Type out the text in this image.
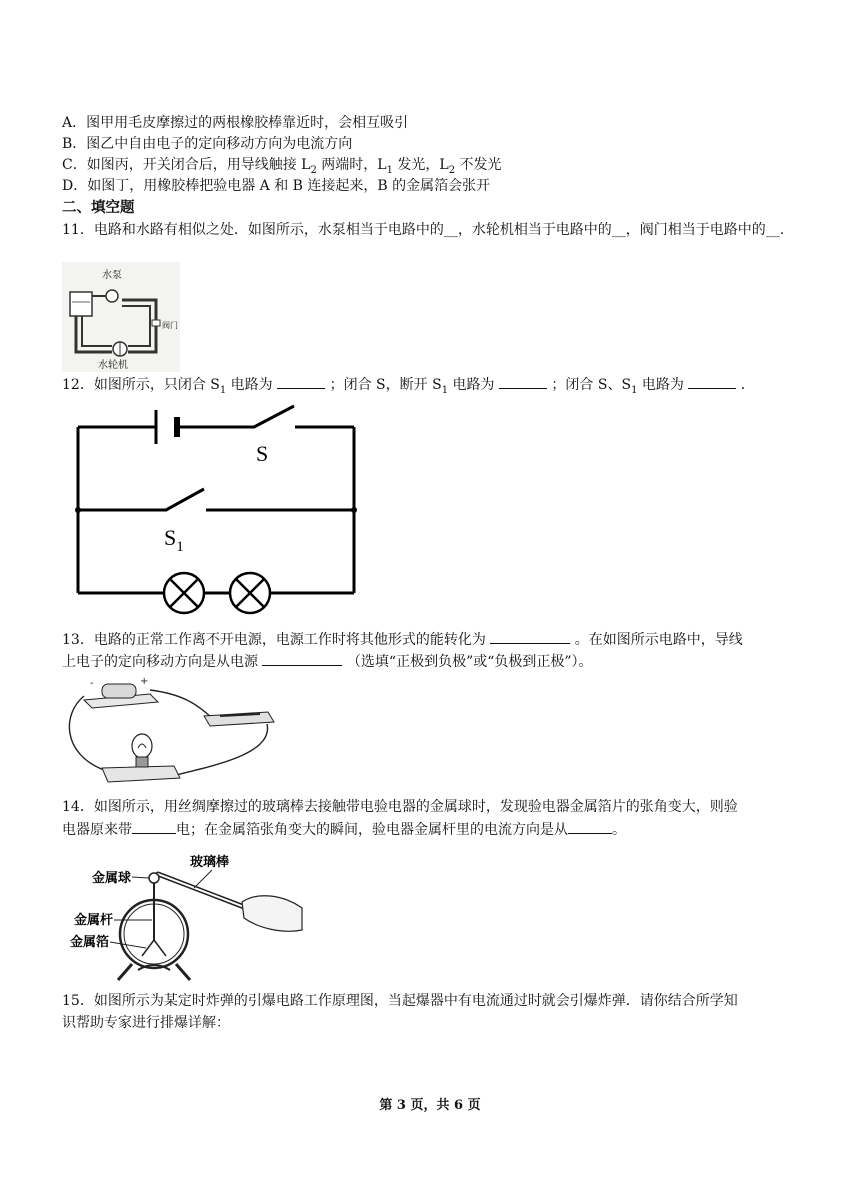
A．图甲用毛皮摩擦过的两根橡胶棒靠近时，会相互吸引
B．图乙中自由电子的定向移动方向为电流方向
C．如图丙，开关闭合后，用导线触接 $L_2$ 两端时，$L_1$ 发光，$L_2$ 不发光
D．如图丁，用橡胶棒把验电器 A 和 B 连接起来，B 的金属箔会张开
二、填空题
11．电路和水路有相似之处．如图所示，水泵相当于电路中的__，水轮机相当于电路中的__，阀门相当于电路中的__.
水泵
阀门
水轮机
12．如图所示，只闭合 $S_1$ 电路为	；闭合 S，断开 $S_1$ 电路为	；闭合 S、$S_1$ 电路为	．
S
$S_1$
13．电路的正常工作离不开电源，电源工作时将其他形式的能转化为	。在如图所示电路中，导线
上电子的定向移动方向是从电源	（选填“正极到负极”或“负极到正极”）。
-	+
14．如图所示，用丝绸摩擦过的玻璃棒去接触带电验电器的金属球时，发现验电器金属箔片的张角变大，则验
电器原来带	电；在金属箔张角变大的瞬间，验电器金属杆里的电流方向是从	。
玻璃棒
金属球
金属杆
金属箔
15．如图所示为某定时炸弹的引爆电路工作原理图，当起爆器中有电流通过时就会引爆炸弹．请你结合所学知
识帮助专家进行排爆详解：
第 3 页，共 6 页
